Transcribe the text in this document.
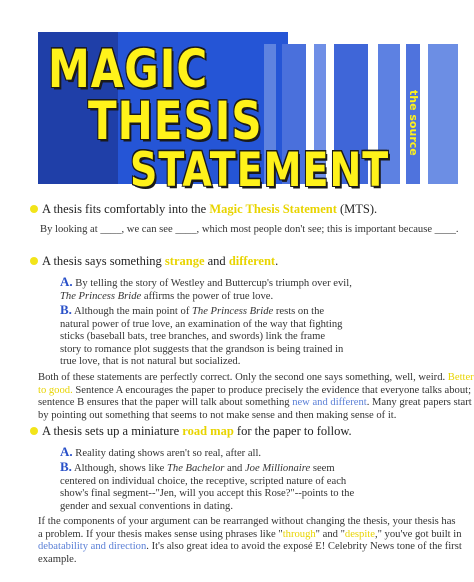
MAGIC
THESIS
STATEMENT
the source
A thesis fits comfortably into the Magic Thesis Statement (MTS).
By looking at ____, we can see ____, which most people don't see; this is important because ____.
A thesis says something strange and different.
A. By telling the story of Westley and Buttercup's triumph over evil,
The Princess Bride affirms the power of true love.
B. Although the main point of The Princess Bride rests on the
natural power of true love, an examination of the way that fighting
sticks (baseball bats, tree branches, and swords) link the frame
story to romance plot suggests that the grandson is being trained in
true love, that is not natural but socialized.
Both of these statements are perfectly correct. Only the second one says something, well, weird. Better
to good. Sentence A encourages the paper to produce precisely the evidence that everyone talks about;
sentence B ensures that the paper will talk about something new and different. Many great papers start
by pointing out something that seems to not make sense and then making sense of it.
A thesis sets up a miniature road map for the paper to follow.
A. Reality dating shows aren't so real, after all.
B. Although, shows like The Bachelor and Joe Millionaire seem
centered on individual choice, the receptive, scripted nature of each
show's final segment--"Jen, will you accept this Rose?"--points to the
gender and sexual conventions in dating.
If the components of your argument can be rearranged without changing the thesis, your thesis has
a problem. If your thesis makes sense using phrases like "through" and "despite," you've got built in
debatability and direction. It's also great idea to avoid the exposé E! Celebrity News tone of the first
example.
